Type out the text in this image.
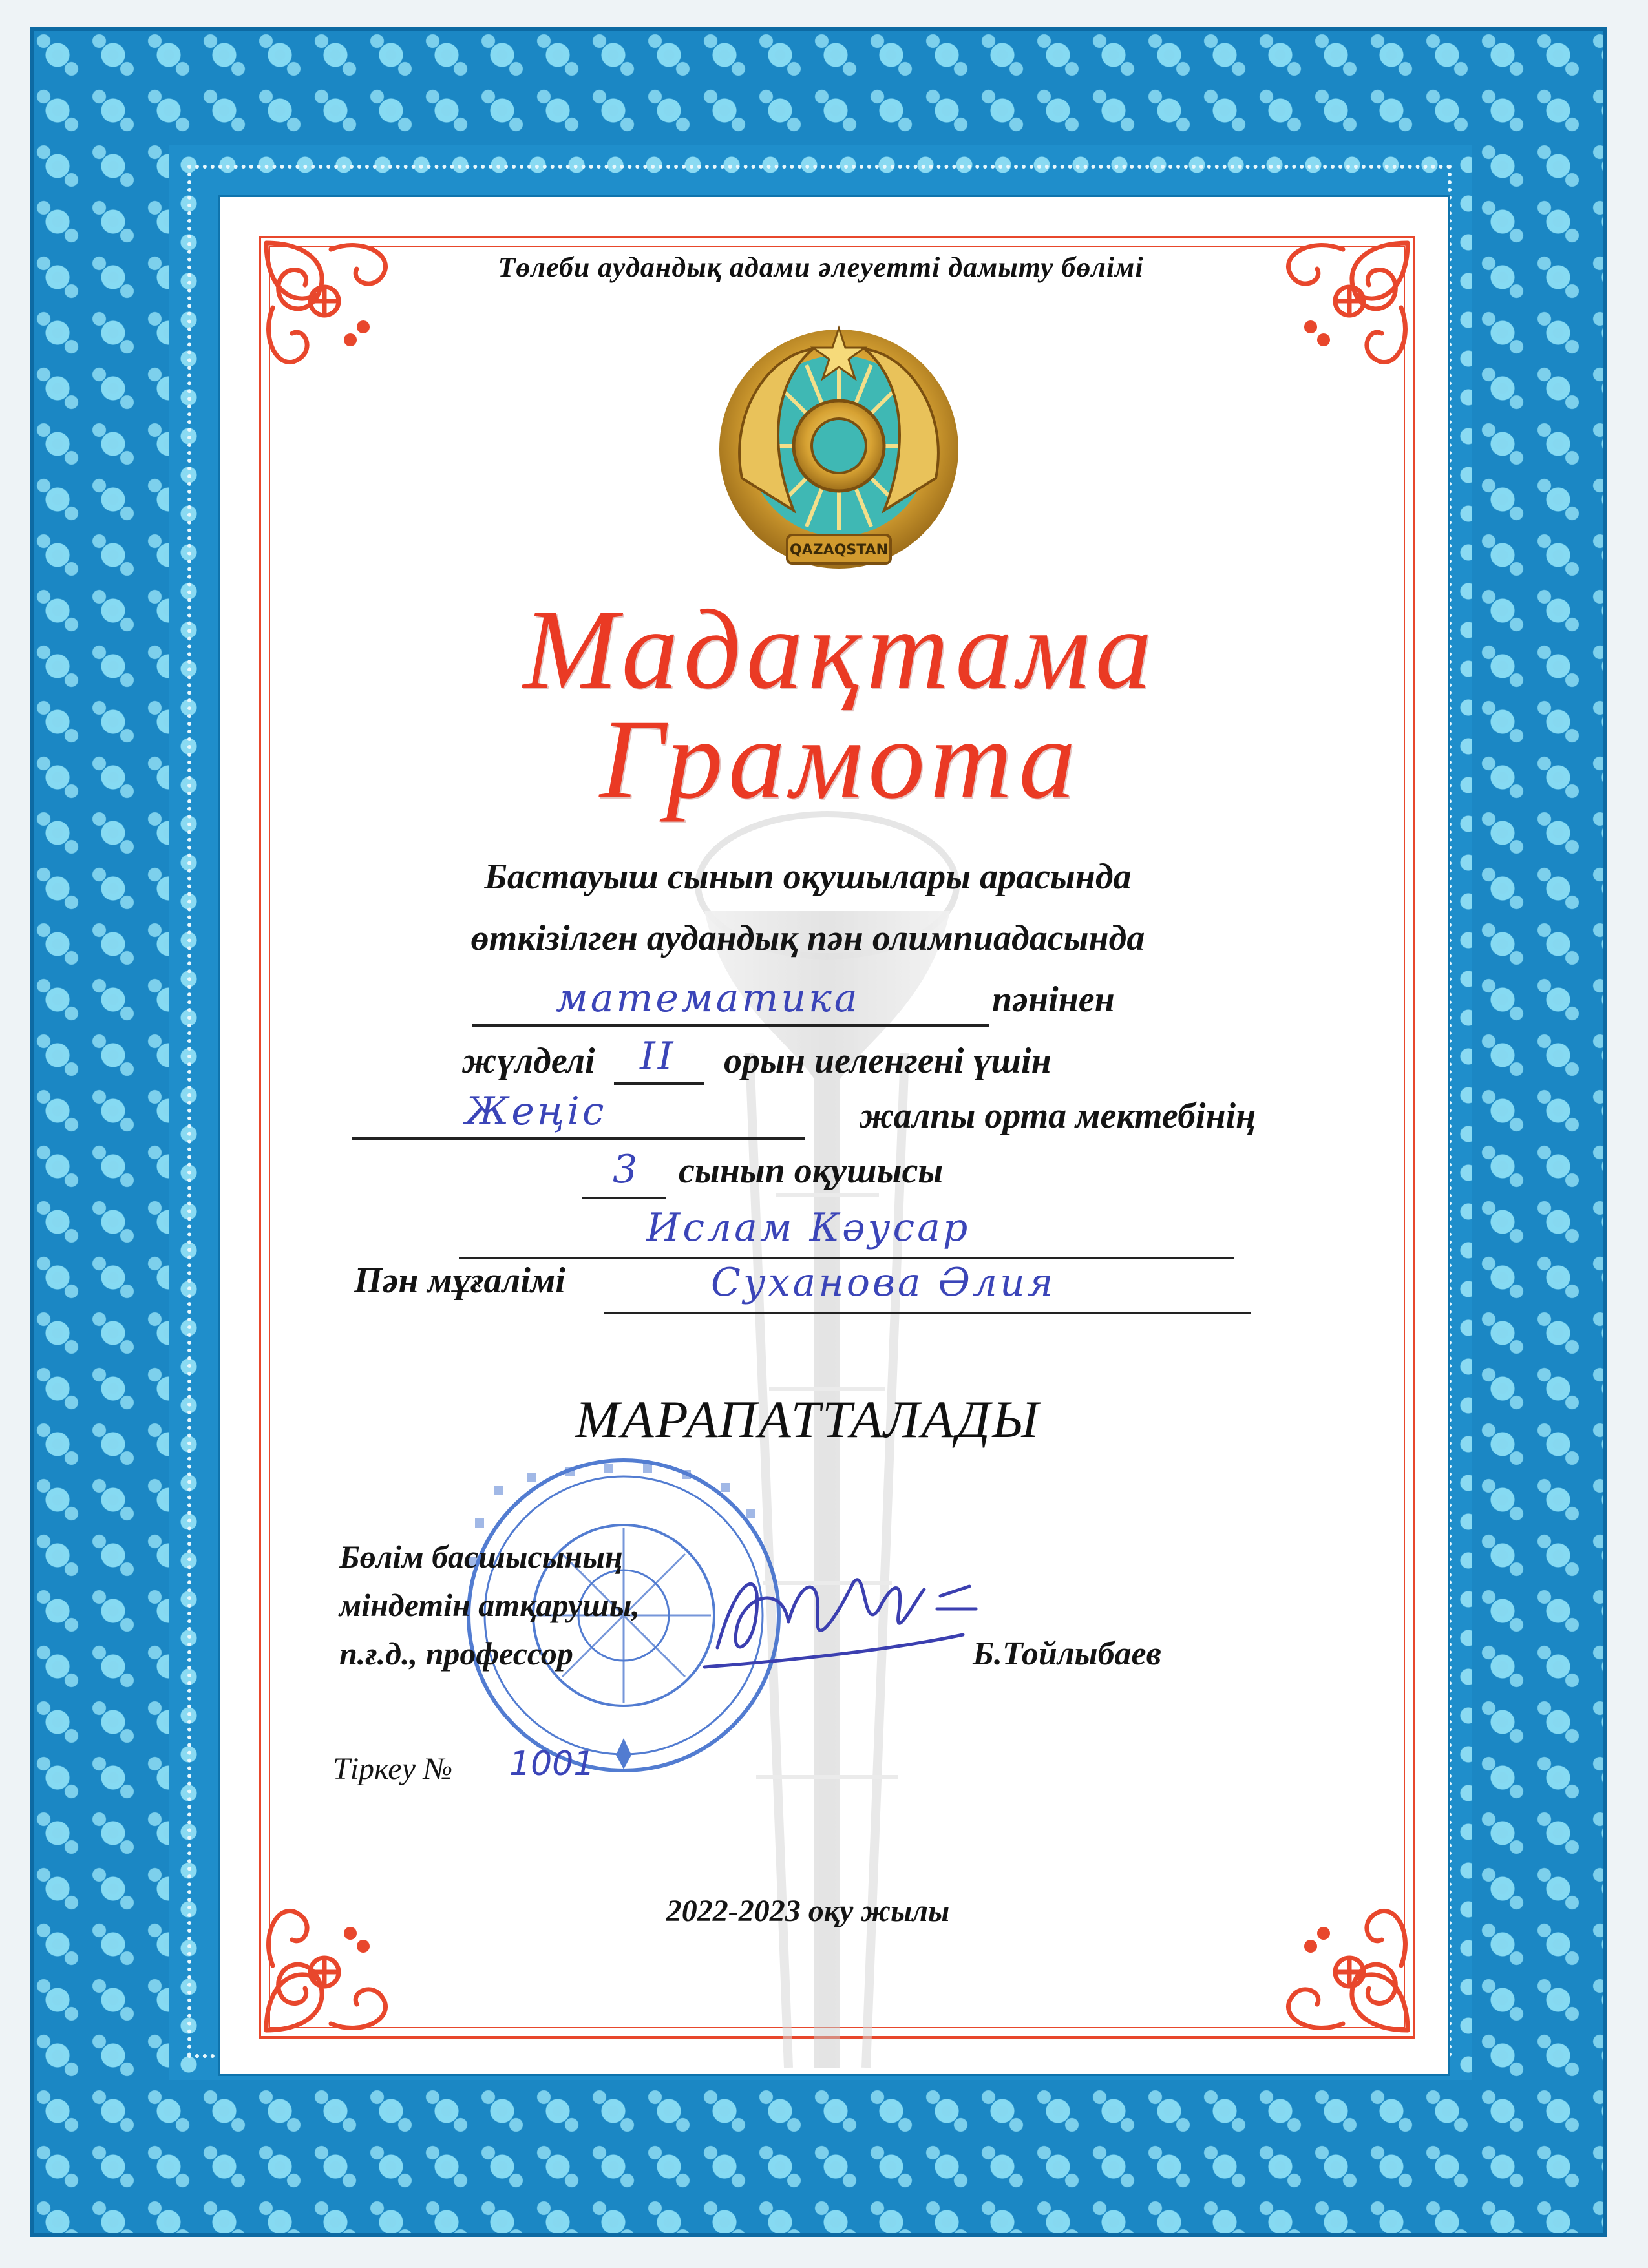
Төлеби аудандық адами әлеуетті дамыту бөлімі
QAZAQSTAN
Мадақтама
Грамота
Бастауыш сынып оқушылары арасында
өткізілген аудандық пән олимпиадасында
математика	пәнінен
жүлделі II орын иеленгені үшін
Жеңіс	жалпы орта мектебінің
3 сынып оқушысы
Ислам Кәусар
Пән мұғалімі	Суханова Әлия
МАРАПАТТАЛАДЫ
Бөлім басшысының
міндетін атқарушы,
п.ғ.д., профессор	Б.Тойлыбаев
Тіркеу № 1001
2022-2023 оқу жылы
